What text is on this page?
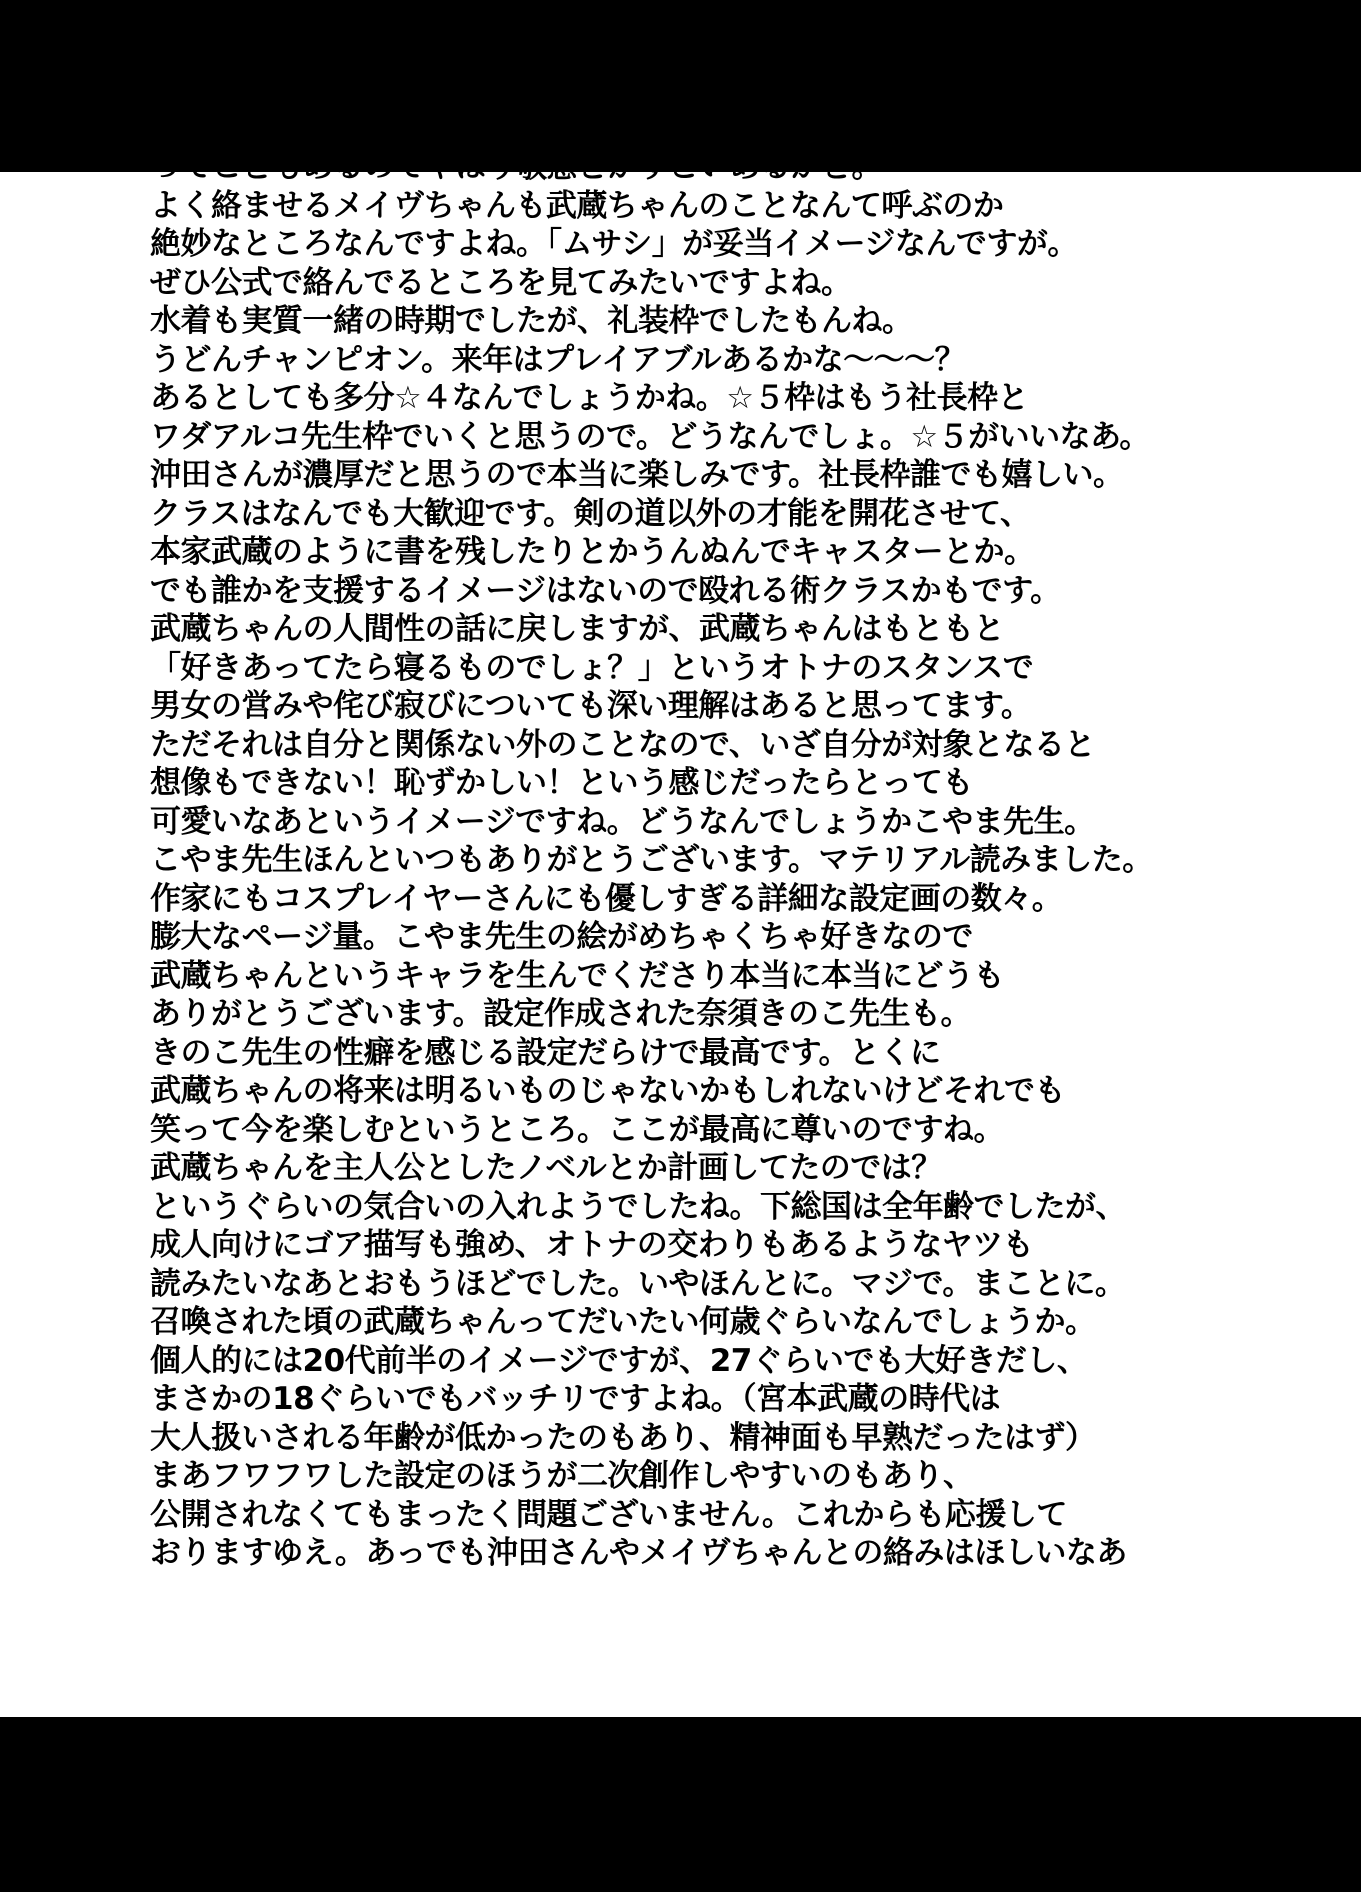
ってこともあるのでやはり敬意とかすごいあるかと。
よく絡ませるメイヴちゃんも武蔵ちゃんのことなんて呼ぶのか
絶妙なところなんですよね。「ムサシ」が妥当イメージなんですが。
ぜひ公式で絡んでるところを見てみたいですよね。
水着も実質一緒の時期でしたが、礼装枠でしたもんね。
うどんチャンピオン。来年はプレイアブルあるかな～～～？
あるとしても多分☆４なんでしょうかね。☆５枠はもう社長枠と
ワダアルコ先生枠でいくと思うので。どうなんでしょ。☆５がいいなあ。
沖田さんが濃厚だと思うので本当に楽しみです。社長枠誰でも嬉しい。
クラスはなんでも大歓迎です。剣の道以外の才能を開花させて、
本家武蔵のように書を残したりとかうんぬんでキャスターとか。
でも誰かを支援するイメージはないので殴れる術クラスかもです。
武蔵ちゃんの人間性の話に戻しますが、武蔵ちゃんはもともと
「好きあってたら寝るものでしょ？」というオトナのスタンスで
男女の営みや侘び寂びについても深い理解はあると思ってます。
ただそれは自分と関係ない外のことなので、いざ自分が対象となると
想像もできない！恥ずかしい！という感じだったらとっても
可愛いなあというイメージですね。どうなんでしょうかこやま先生。
こやま先生ほんといつもありがとうございます。マテリアル読みました。
作家にもコスプレイヤーさんにも優しすぎる詳細な設定画の数々。
膨大なページ量。こやま先生の絵がめちゃくちゃ好きなので
武蔵ちゃんというキャラを生んでくださり本当に本当にどうも
ありがとうございます。設定作成された奈須きのこ先生も。
きのこ先生の性癖を感じる設定だらけで最高です。とくに
武蔵ちゃんの将来は明るいものじゃないかもしれないけどそれでも
笑って今を楽しむというところ。ここが最高に尊いのですね。
武蔵ちゃんを主人公としたノベルとか計画してたのでは？
というぐらいの気合いの入れようでしたね。下総国は全年齢でしたが、
成人向けにゴア描写も強め、オトナの交わりもあるようなヤツも
読みたいなあとおもうほどでした。いやほんとに。マジで。まことに。
召喚された頃の武蔵ちゃんってだいたい何歳ぐらいなんでしょうか。
個人的には20代前半のイメージですが、27ぐらいでも大好きだし、
まさかの18ぐらいでもバッチリですよね。（宮本武蔵の時代は
大人扱いされる年齢が低かったのもあり、精神面も早熟だったはず）
まあフワフワした設定のほうが二次創作しやすいのもあり、
公開されなくてもまったく問題ございません。これからも応援して
おりますゆえ。あっでも沖田さんやメイヴちゃんとの絡みはほしいなあ
